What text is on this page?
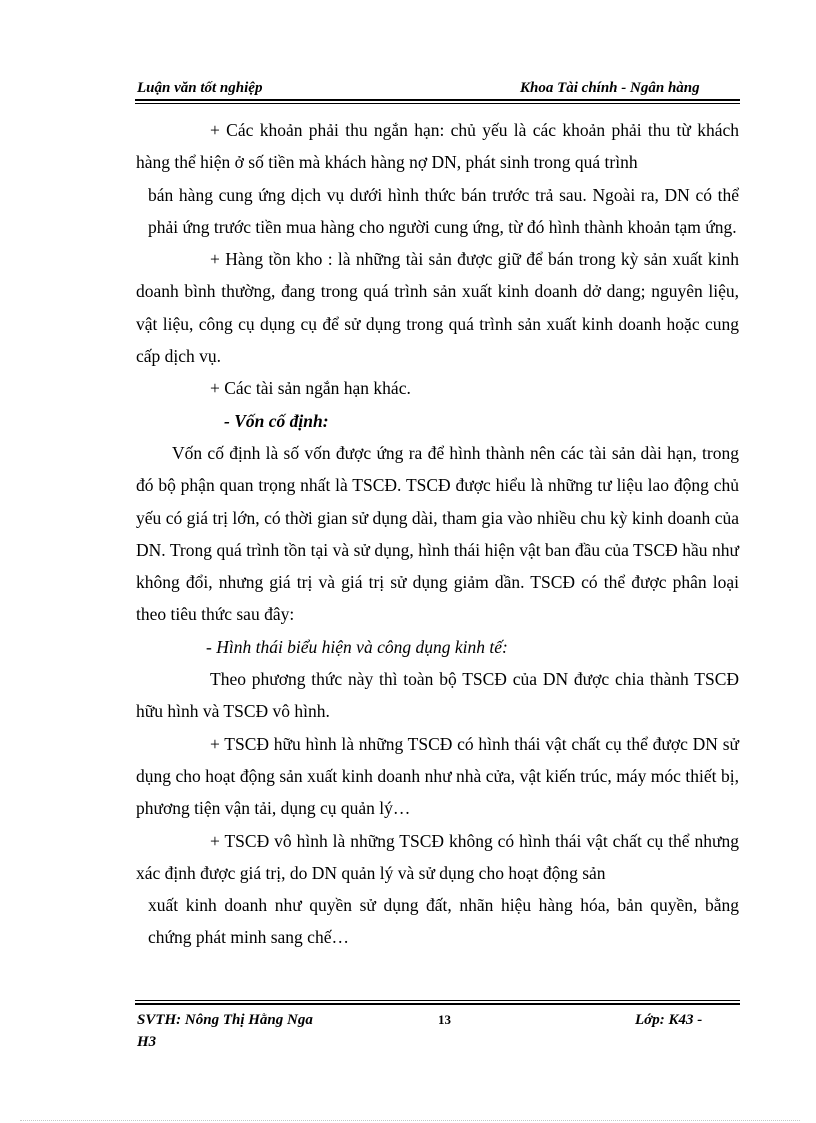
Luận văn tốt nghiệp	Khoa Tài chính - Ngân hàng

+ Các khoản phải thu ngắn hạn: chủ yếu là các khoản phải thu từ khách hàng thể hiện ở số tiền mà khách hàng nợ DN, phát sinh trong quá trình

bán hàng cung ứng dịch vụ dưới hình thức bán trước trả sau. Ngoài ra, DN có thể phải ứng trước tiền mua hàng cho người cung ứng, từ đó hình thành khoản tạm ứng.

+ Hàng tồn kho : là những tài sản được giữ để bán trong kỳ sản xuất kinh doanh bình thường, đang trong quá trình sản xuất kinh doanh dở dang; nguyên liệu, vật liệu, công cụ dụng cụ để sử dụng trong quá trình sản xuất kinh doanh hoặc cung cấp dịch vụ.

+ Các tài sản ngắn hạn khác.

- Vốn cố định:

Vốn cố định là số vốn được ứng ra để hình thành nên các tài sản dài hạn, trong đó bộ phận quan trọng nhất là TSCĐ. TSCĐ được hiểu là những tư liệu lao động chủ yếu có giá trị lớn, có thời gian sử dụng dài, tham gia vào nhiều chu kỳ kinh doanh của DN. Trong quá trình tồn tại và sử dụng, hình thái hiện vật ban đầu của TSCĐ hầu như không đổi, nhưng giá trị và giá trị sử dụng giảm dần. TSCĐ có thể được phân loại theo tiêu thức sau đây:

- Hình thái biểu hiện và công dụng kinh tế:

Theo phương thức này thì toàn bộ TSCĐ của DN được chia thành TSCĐ hữu hình và TSCĐ vô hình.

+ TSCĐ hữu hình là những TSCĐ có hình thái vật chất cụ thể được DN sử dụng cho hoạt động sản xuất kinh doanh như nhà cửa, vật kiến trúc, máy móc thiết bị, phương tiện vận tải, dụng cụ quản lý…

+ TSCĐ vô hình là những TSCĐ không có hình thái vật chất cụ thể nhưng xác định được giá trị, do DN quản lý và sử dụng cho hoạt động sản

xuất kinh doanh như quyền sử dụng đất, nhãn hiệu hàng hóa, bản quyền, bằng chứng phát minh sang chế…

SVTH: Nông Thị Hằng Nga	13	Lớp: K43 -
H3
